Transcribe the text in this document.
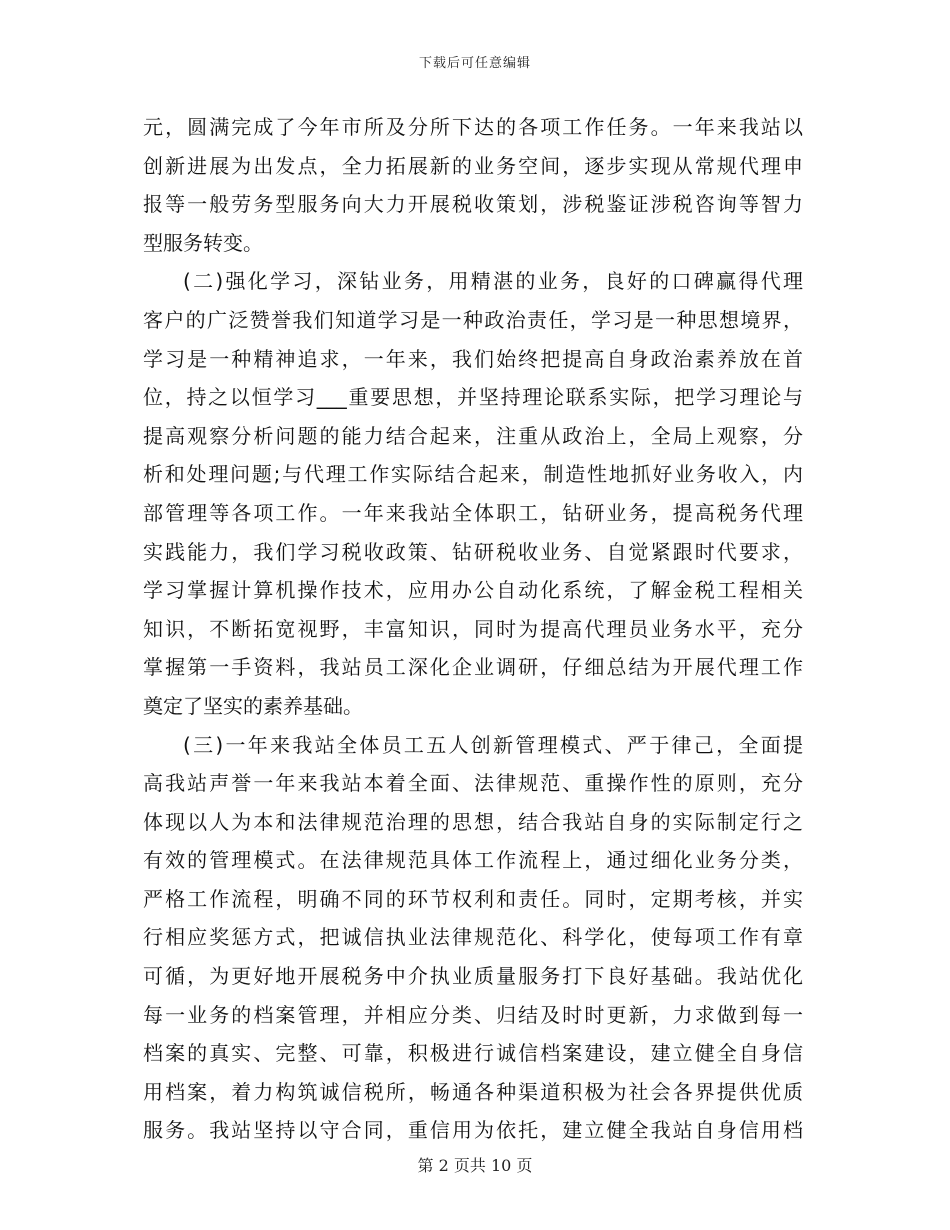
下载后可任意编辑
元，圆满完成了今年市所及分所下达的各项工作任务。一年来我站以
创新进展为出发点，全力拓展新的业务空间，逐步实现从常规代理申
报等一般劳务型服务向大力开展税收策划，涉税鉴证涉税咨询等智力
型服务转变。
(二)强化学习，深钻业务，用精湛的业务，良好的口碑赢得代理
客户的广泛赞誉我们知道学习是一种政治责任，学习是一种思想境界，
学习是一种精神追求，一年来，我们始终把提高自身政治素养放在首
位，持之以恒学习___重要思想，并坚持理论联系实际，把学习理论与
提高观察分析问题的能力结合起来，注重从政治上，全局上观察，分
析和处理问题;与代理工作实际结合起来，制造性地抓好业务收入，内
部管理等各项工作。一年来我站全体职工，钻研业务，提高税务代理
实践能力，我们学习税收政策、钻研税收业务、自觉紧跟时代要求，
学习掌握计算机操作技术，应用办公自动化系统，了解金税工程相关
知识，不断拓宽视野，丰富知识，同时为提高代理员业务水平，充分
掌握第一手资料，我站员工深化企业调研，仔细总结为开展代理工作
奠定了坚实的素养基础。
(三)一年来我站全体员工五人创新管理模式、严于律己，全面提
高我站声誉一年来我站本着全面、法律规范、重操作性的原则，充分
体现以人为本和法律规范治理的思想，结合我站自身的实际制定行之
有效的管理模式。在法律规范具体工作流程上，通过细化业务分类，
严格工作流程，明确不同的环节权利和责任。同时，定期考核，并实
行相应奖惩方式，把诚信执业法律规范化、科学化，使每项工作有章
可循，为更好地开展税务中介执业质量服务打下良好基础。我站优化
每一业务的档案管理，并相应分类、归结及时时更新，力求做到每一
档案的真实、完整、可靠，积极进行诚信档案建设，建立健全自身信
用档案，着力构筑诚信税所，畅通各种渠道积极为社会各界提供优质
服务。我站坚持以守合同，重信用为依托，建立健全我站自身信用档
第 2 页共 10 页
